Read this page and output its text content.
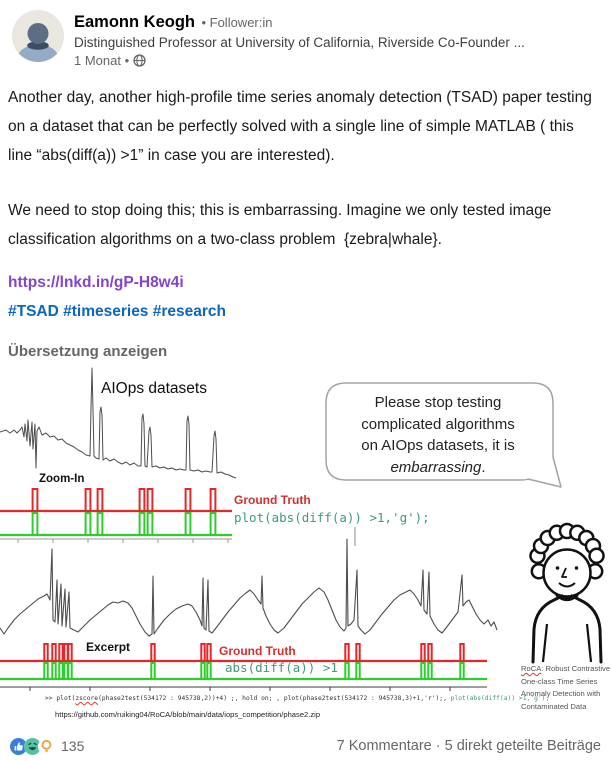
Eamonn Keogh • Follower:in
Distinguished Professor at University of California, Riverside Co-Founder ...
1 Monat •

Another day, another high-profile time series anomaly detection (TSAD) paper testing on a dataset that can be perfectly solved with a single line of simple MATLAB ( this line “abs(diff(a)) >1” in case you are interested).

We need to stop doing this; this is embarrassing. Imagine we only tested image classification algorithms on a two-class problem  {zebra|whale}.

https://lnkd.in/gP-H8w4i
#TSAD #timeseries #research
Übersetzung anzeigen
AIOps datasets
Please stop testing
complicated algorithms
on AIOps datasets, it is
embarrassing.
Zoom-In
Ground Truth
plot(abs(diff(a)) >1,'g');
Excerpt	Ground Truth
abs(diff(a)) >1
>> plot(zscore(phase2test(534172 : 945738,2))+4) ;, hold on; , plot(phase2test(534172 : 945738,3)+1,'r');, plot(abs(diff(a)) >1,'g');
https://github.com/ruiking04/RoCA/blob/main/data/iops_competition/phase2.zip
RoCA: Robust Contrastive
One-class Time Series
Anomaly Detection with
Contaminated Data
135	7 Kommentare · 5 direkt geteilte Beiträge
